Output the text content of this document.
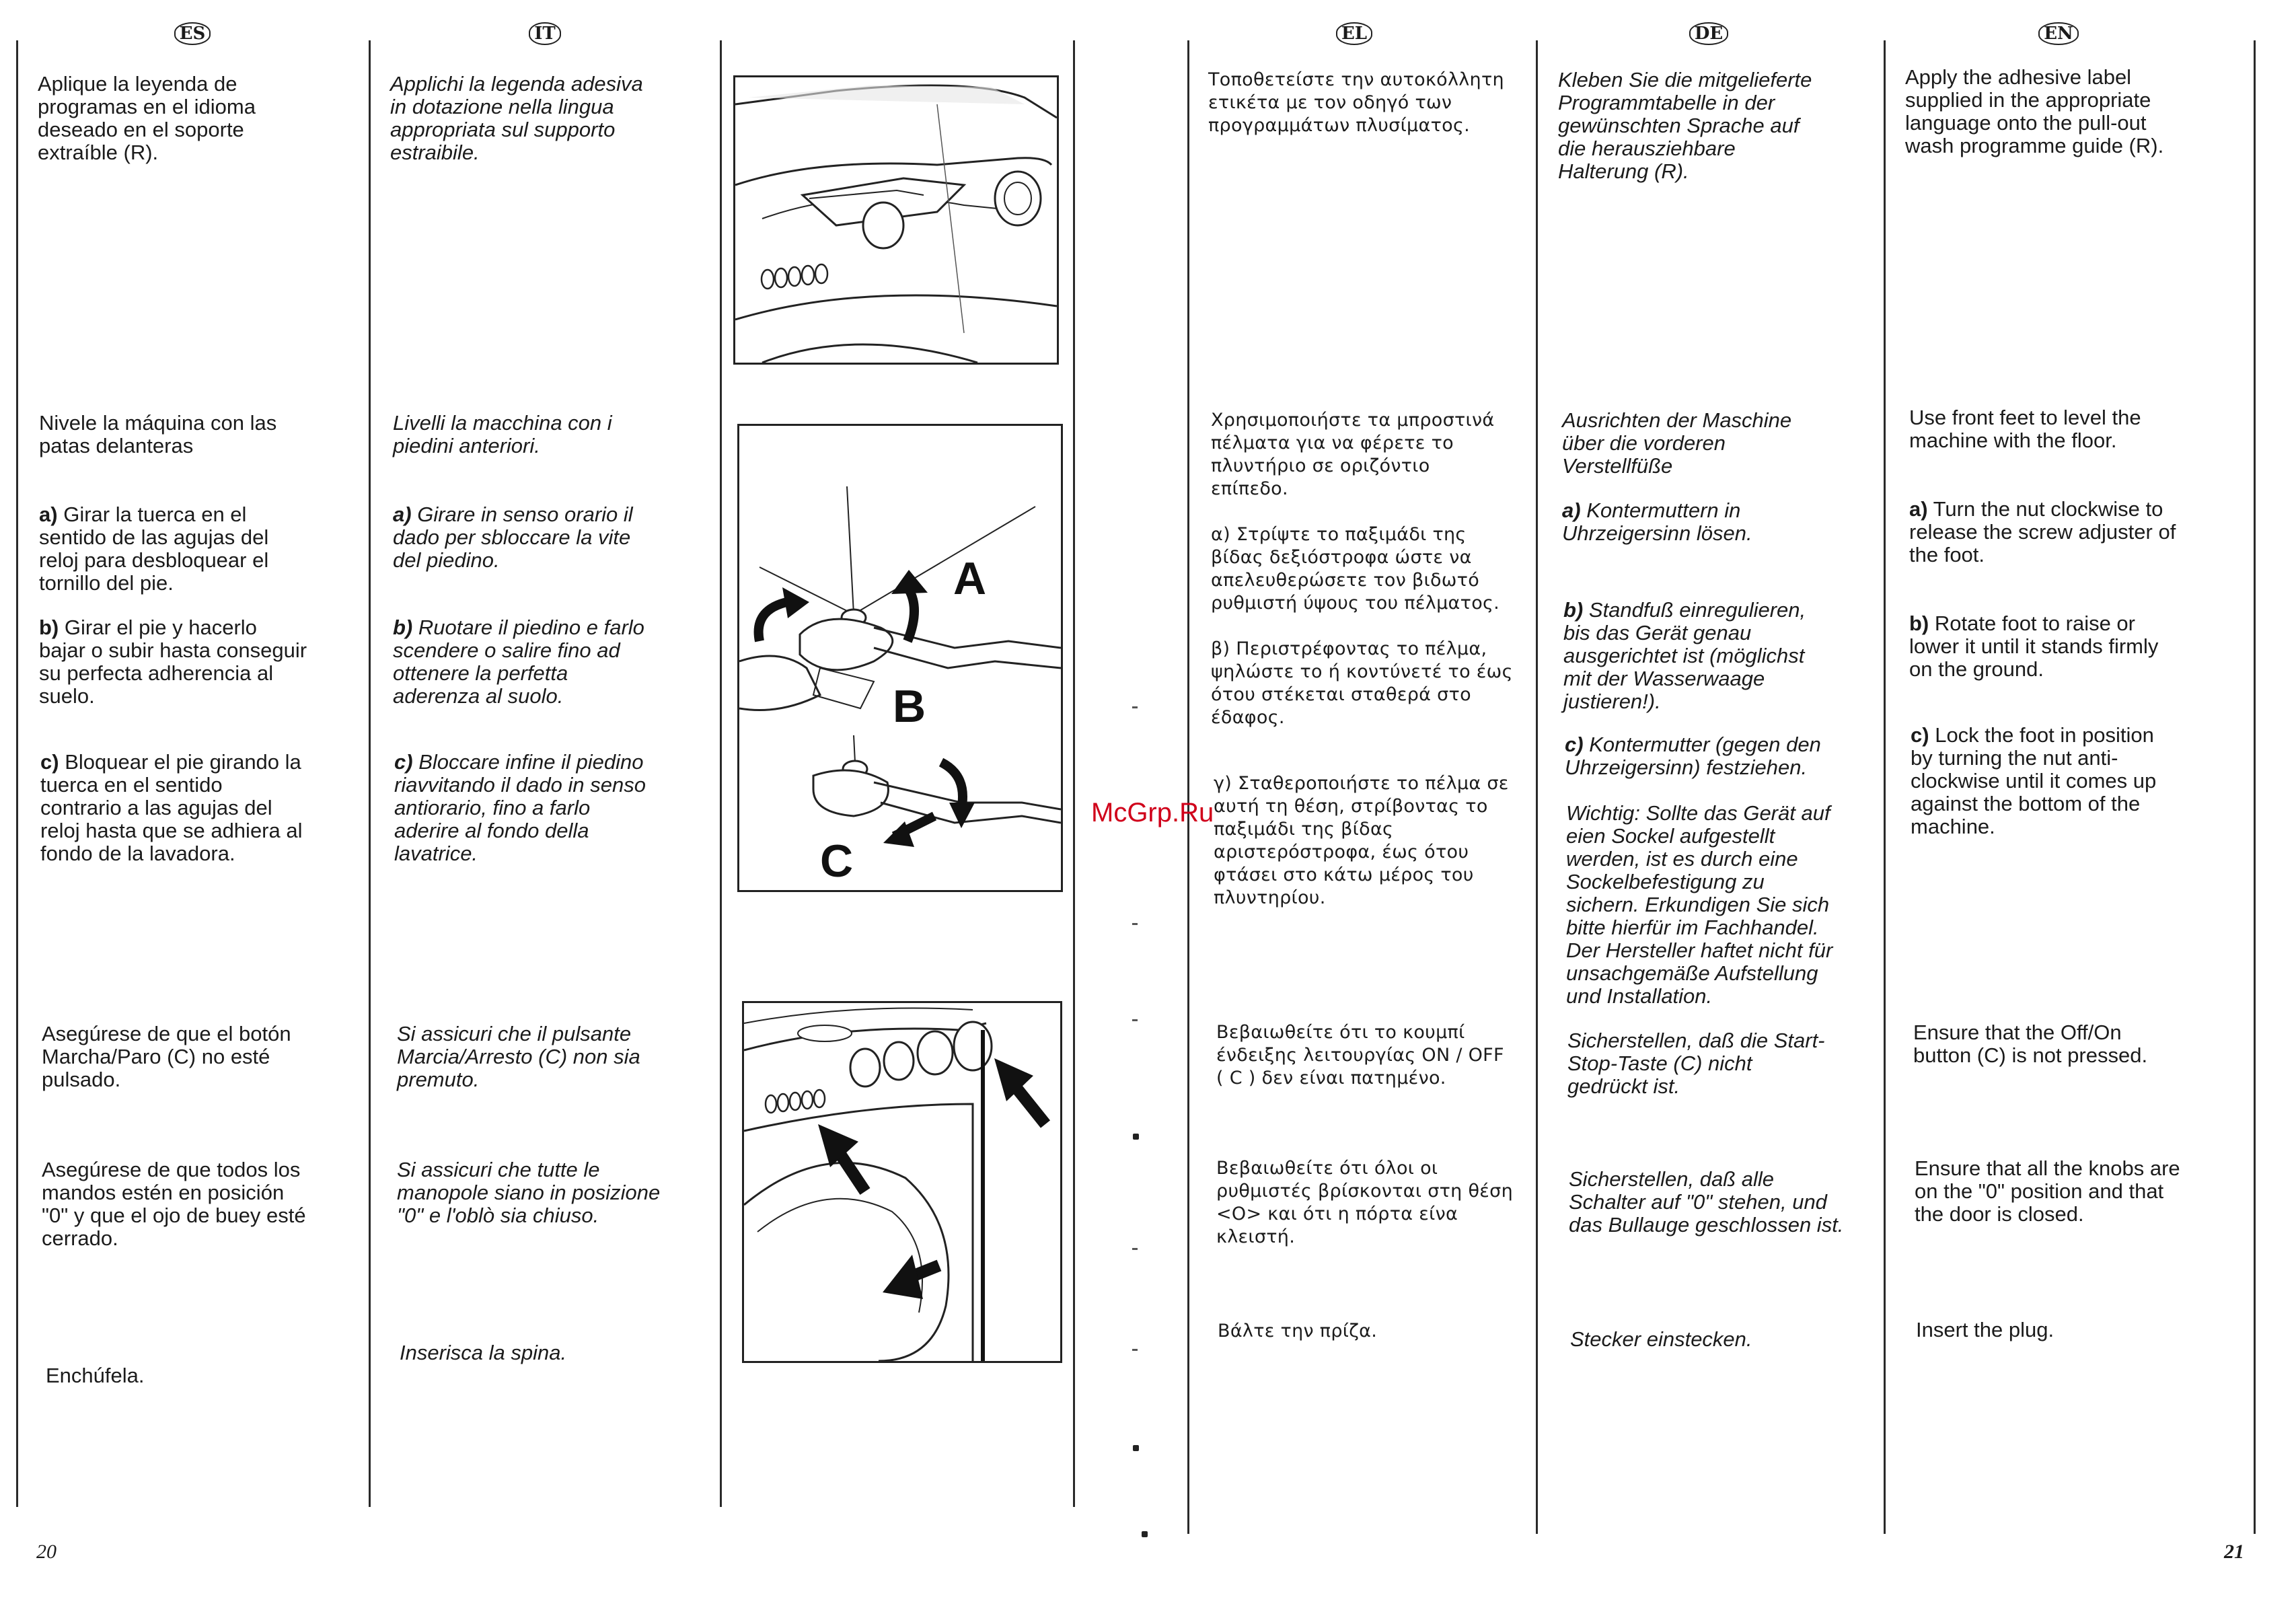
ES	IT	EL	DE	EN
Aplique la leyenda de
programas en el idioma
deseado en el soporte
extraíble (R).
Nivele la máquina con las
patas delanteras
a) Girar la tuerca en el
sentido de las agujas del
reloj para desbloquear el
tornillo del pie.
b) Girar el pie y hacerlo
bajar o subir hasta conseguir
su perfecta adherencia al
suelo.
c) Bloquear el pie girando la
tuerca en el sentido
contrario a las agujas del
reloj hasta que se adhiera al
fondo de la lavadora.
Asegúrese de que el botón
Marcha/Paro (C) no esté
pulsado.
Asegúrese de que todos los
mandos estén en posición
"0" y que el ojo de buey esté
cerrado.
Enchúfela.
Applichi la legenda adesiva
in dotazione nella lingua
appropriata sul supporto
estraibile.
Livelli la macchina con i
piedini anteriori.
a) Girare in senso orario il
dado per sbloccare la vite
del piedino.
b) Ruotare il piedino e farlo
scendere o salire fino ad
ottenere la perfetta
aderenza al suolo.
c) Bloccare infine il piedino
riavvitando il dado in senso
antiorario, fino a farlo
aderire al fondo della
lavatrice.
Si assicuri che il pulsante
Marcia/Arresto (C) non sia
premuto.
Si assicuri che tutte le
manopole siano in posizione
"0" e l'oblò sia chiuso.
Inserisca la spina.
A
B
C
Τοποθετείστε την αυτοκόλλητη
ετικέτα με τον οδηγό των
προγραμμάτων πλυσίματος.
Χρησιμοποιήστε τα μπροστινά
πέλματα για να φέρετε το
πλυντήριο σε οριζόντιο
επίπεδο.
α) Στρίψτε το παξιμάδι της
βίδας δεξιόστροφα ώστε να
απελευθερώσετε τον βιδωτό
ρυθμιστή ύψους του πέλματος.
β) Περιστρέφοντας το πέλμα,
ψηλώστε το ή κοντύνετέ το έως
ότου στέκεται σταθερά στο
έδαφος.
γ) Σταθεροποιήστε το πέλμα σε
αυτή τη θέση, στρίβοντας το
παξιμάδι της βίδας
αριστερόστροφα, έως ότου
φτάσει στο κάτω μέρος του
πλυντηρίου.
Βεβαιωθείτε ότι το κουμπί
ένδειξης λειτουργίας ON / OFF
( C ) δεν είναι πατημένο.
Βεβαιωθείτε ότι όλοι οι
ρυθμιστές βρίσκονται στη θέση
<O> και ότι η πόρτα είνα
κλειστή.
Βάλτε την πρίζα.
Kleben Sie die mitgelieferte
Programmtabelle in der
gewünschten Sprache auf
die herausziehbare
Halterung (R).
Ausrichten der Maschine
über die vorderen
Verstellfüße
a) Kontermuttern in
Uhrzeigersinn lösen.
b) Standfuß einregulieren,
bis das Gerät genau
ausgerichtet ist (möglichst
mit der Wasserwaage
justieren!).
c) Kontermutter (gegen den
Uhrzeigersinn) festziehen.
Wichtig: Sollte das Gerät auf
eien Sockel aufgestellt
werden, ist es durch eine
Sockelbefestigung zu
sichern. Erkundigen Sie sich
bitte hierfür im Fachhandel.
Der Hersteller haftet nicht für
unsachgemäße Aufstellung
und Installation.
Sicherstellen, daß die Start-
Stop-Taste (C) nicht
gedrückt ist.
Sicherstellen, daß alle
Schalter auf "0" stehen, und
das Bullauge geschlossen ist.
Stecker einstecken.
Apply the adhesive label
supplied in the appropriate
language onto the pull-out
wash programme guide (R).
Use front feet to level the
machine with the floor.
a) Turn the nut clockwise to
release the screw adjuster of
the foot.
b) Rotate foot to raise or
lower it until it stands firmly
on the ground.
c) Lock the foot in position
by turning the nut anti-
clockwise until it comes up
against the bottom of the
machine.
Ensure that the Off/On
button (C) is not pressed.
Ensure that all the knobs are
on the "0" position and that
the door is closed.
Insert the plug.
20	21
McGrp.Ru
